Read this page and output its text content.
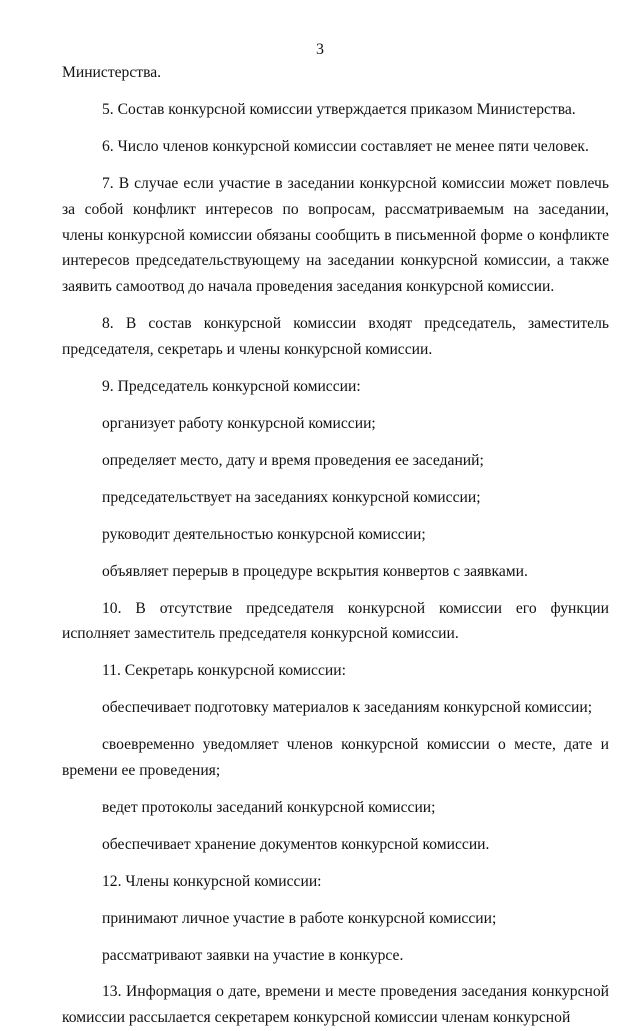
3

Министерства.

5. Состав конкурсной комиссии утверждается приказом Министерства.

6. Число членов конкурсной комиссии составляет не менее пяти человек.

7. В случае если участие в заседании конкурсной комиссии может повлечь за собой конфликт интересов по вопросам, рассматриваемым на заседании, члены конкурсной комиссии обязаны сообщить в письменной форме о конфликте интересов председательствующему на заседании конкурсной комиссии, а также заявить самоотвод до начала проведения заседания конкурсной комиссии.

8. В состав конкурсной комиссии входят председатель, заместитель председателя, секретарь и члены конкурсной комиссии.

9. Председатель конкурсной комиссии:

организует работу конкурсной комиссии;

определяет место, дату и время проведения ее заседаний;

председательствует на заседаниях конкурсной комиссии;

руководит деятельностью конкурсной комиссии;

объявляет перерыв в процедуре вскрытия конвертов с заявками.

10. В отсутствие председателя конкурсной комиссии его функции исполняет заместитель председателя конкурсной комиссии.

11. Секретарь конкурсной комиссии:

обеспечивает подготовку материалов к заседаниям конкурсной комиссии;

своевременно уведомляет членов конкурсной комиссии о месте, дате и времени ее проведения;

ведет протоколы заседаний конкурсной комиссии;

обеспечивает хранение документов конкурсной комиссии.

12. Члены конкурсной комиссии:

принимают личное участие в работе конкурсной комиссии;

рассматривают заявки на участие в конкурсе.

13. Информация о дате, времени и месте проведения заседания конкурсной комиссии рассылается секретарем конкурсной комиссии членам конкурсной
